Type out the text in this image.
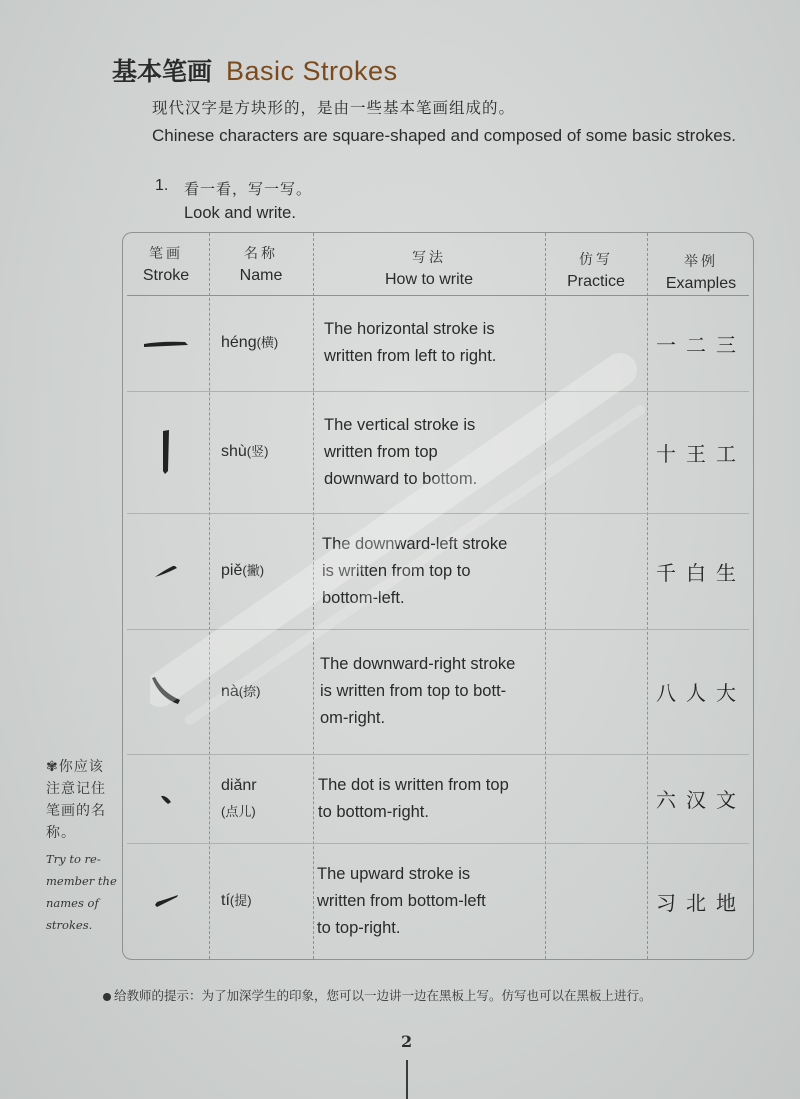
基本笔画 Basic Strokes
现代汉字是方块形的，是由一些基本笔画组成的。
Chinese characters are square-shaped and composed of some basic strokes.
1. 看一看，写一写。
Look and write.
笔画
Stroke
名称
Name
写法
How to write
仿写
Practice
举例
Examples
héng (横)
The horizontal stroke is
written from left to right.	一二三
shù (竖)
The vertical stroke is
written from top
downward to bottom.
十王工
piě (撇)
The downward-left stroke
is written from top to
bottom-left.
千白生
nà (捺)
The downward-right stroke
is written from top to bott-
om-right.
八人大
diǎnr
(点儿)
The dot is written from top
to bottom-right.	六汉文
tí (提)
The upward stroke is
written from bottom-left
to top-right.
习北地
✾你应该
注意记住
笔画的名
称。
Try to re-
member the
names of
strokes.
给教师的提示：为了加深学生的印象，您可以一边讲一边在黑板上写。仿写也可以在黑板上进行。
2
